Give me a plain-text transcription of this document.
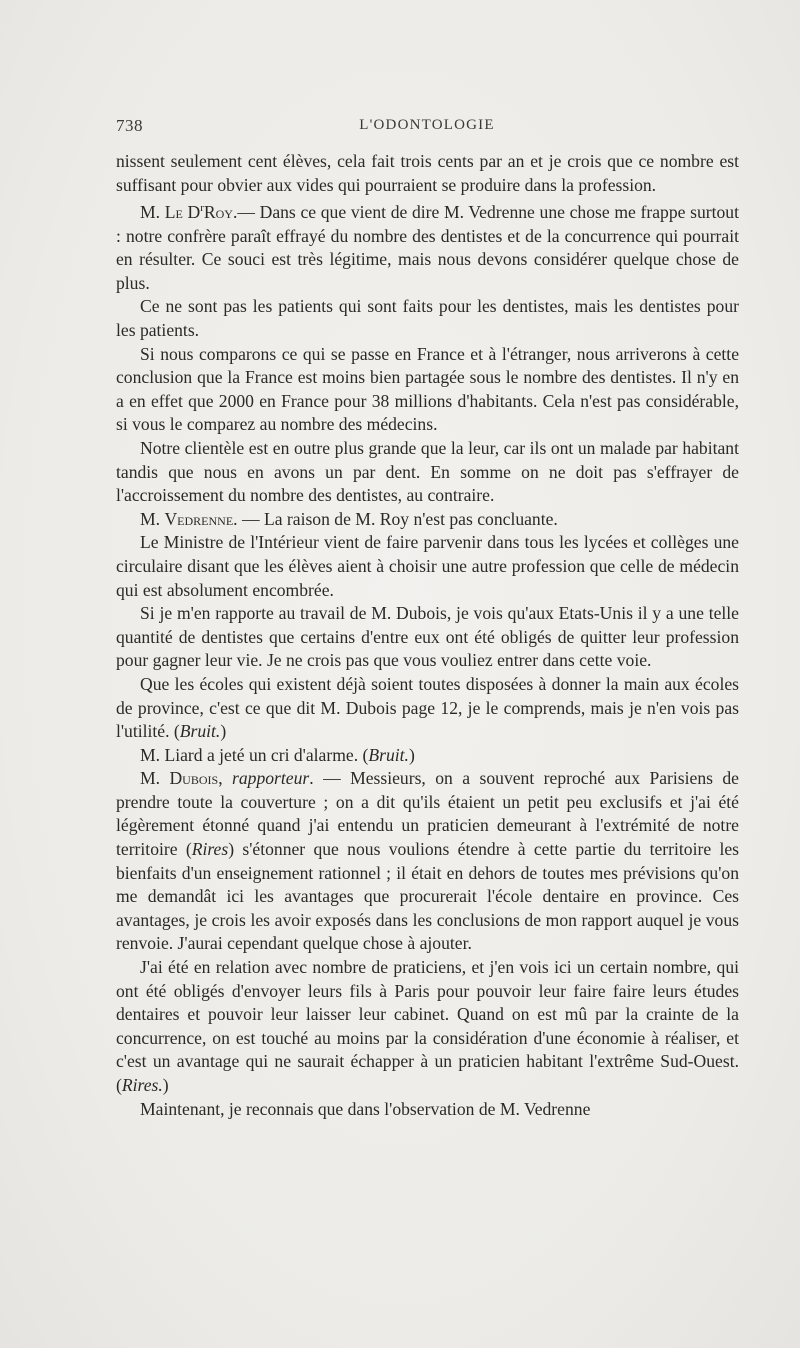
738	L'ODONTOLOGIE

nissent seulement cent élèves, cela fait trois cents par an et je crois que ce nombre est suffisant pour obvier aux vides qui pourraient se produire dans la profession.

M. Le $D^rRoy.—$ Dans ce que vient de dire M. Vedrenne une chose me frappe surtout : notre confrère paraît effrayé du nombre des dentistes et de la concurrence qui pourrait en résulter. Ce souci est très légitime, mais nous devons considérer quelque chose de plus.

Ce ne sont pas les patients qui sont faits pour les dentistes, mais les dentistes pour les patients.

Si nous comparons ce qui se passe en France et à l'étranger, nous arriverons à cette conclusion que la France est moins bien partagée sous le nombre des dentistes. Il n'y en a en effet que 2000 en France pour 38 millions d'habitants. Cela n'est pas considérable, si vous le comparez au nombre des médecins.

Notre clientèle est en outre plus grande que la leur, car ils ont un malade par habitant tandis que nous en avons un par dent. En somme on ne doit pas s'effrayer de l'accroissement du nombre des dentistes, au contraire.

M. Vedrenne. — La raison de M. Roy n'est pas concluante.

Le Ministre de l'Intérieur vient de faire parvenir dans tous les lycées et collèges une circulaire disant que les élèves aient à choisir une autre profession que celle de médecin qui est absolument encombrée.

Si je m'en rapporte au travail de M. Dubois, je vois qu'aux Etats-Unis il y a une telle quantité de dentistes que certains d'entre eux ont été obligés de quitter leur profession pour gagner leur vie. Je ne crois pas que vous vouliez entrer dans cette voie.

Que les écoles qui existent déjà soient toutes disposées à donner la main aux écoles de province, c'est ce que dit M. Dubois page 12, je le comprends, mais je n'en vois pas l'utilité. (Bruit.)

M. Liard a jeté un cri d'alarme. (Bruit.)

M. Dubois, rapporteur. — Messieurs, on a souvent reproché aux Parisiens de prendre toute la couverture ; on a dit qu'ils étaient un petit peu exclusifs et j'ai été légèrement étonné quand j'ai entendu un praticien demeurant à l'extrémité de notre territoire (Rires) s'étonner que nous voulions étendre à cette partie du territoire les bienfaits d'un enseignement rationnel ; il était en dehors de toutes mes prévisions qu'on me demandât ici les avantages que procurerait l'école dentaire en province. Ces avantages, je crois les avoir exposés dans les conclusions de mon rapport auquel je vous renvoie. J'aurai cependant quelque chose à ajouter.

J'ai été en relation avec nombre de praticiens, et j'en vois ici un certain nombre, qui ont été obligés d'envoyer leurs fils à Paris pour pouvoir leur faire faire leurs études dentaires et pouvoir leur laisser leur cabinet. Quand on est mû par la crainte de la concurrence, on est touché au moins par la considération d'une économie à réaliser, et c'est un avantage qui ne saurait échapper à un praticien habitant l'extrême Sud-Ouest. (Rires.)

Maintenant, je reconnais que dans l'observation de M. Vedrenne
